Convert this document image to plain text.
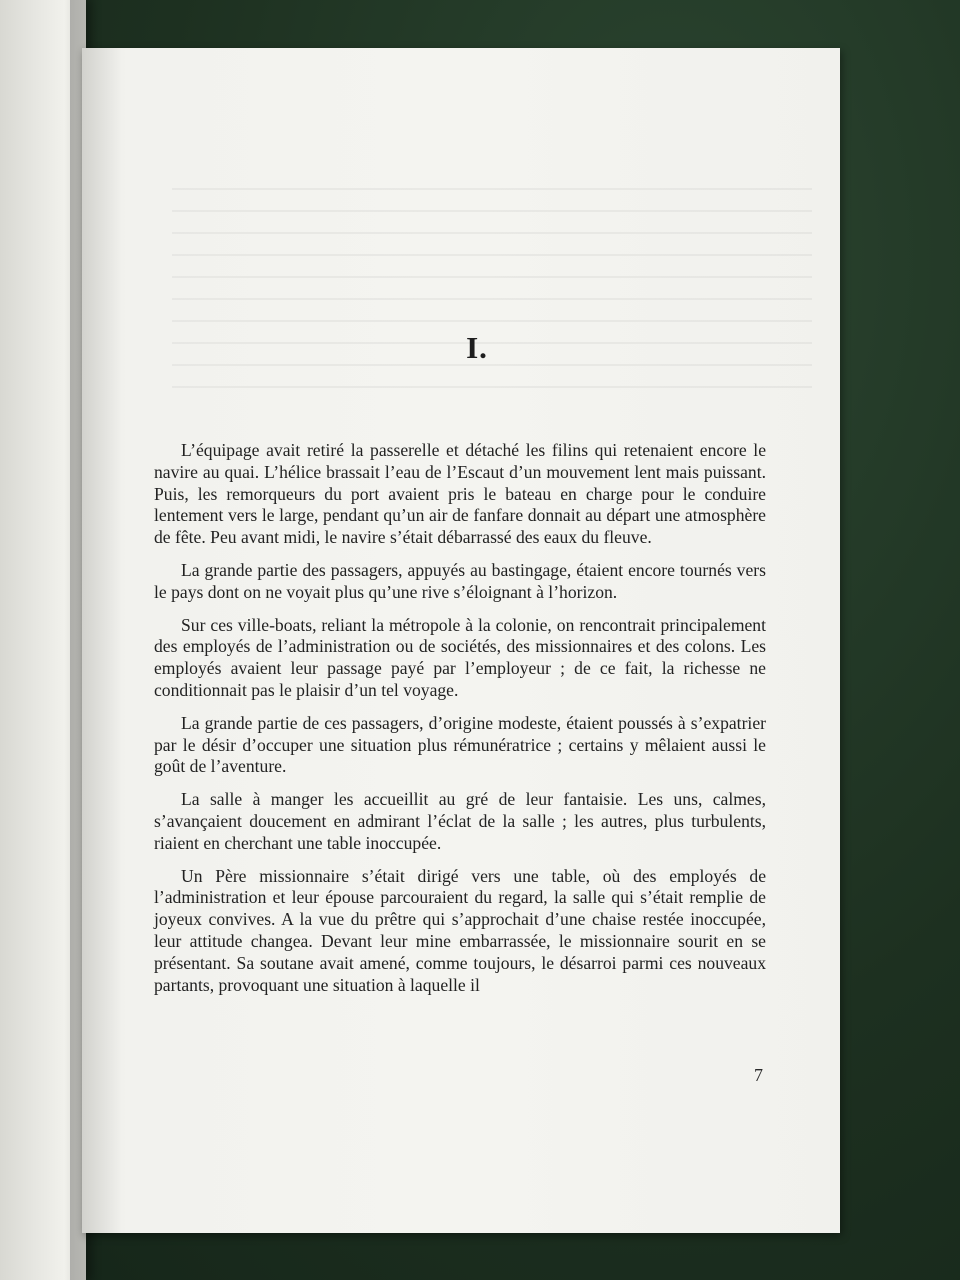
I.

L’équipage avait retiré la passerelle et détaché les filins qui retenaient encore le navire au quai. L’hélice brassait l’eau de l’Escaut d’un mouvement lent mais puissant. Puis, les remorqueurs du port avaient pris le bateau en charge pour le conduire lentement vers le large, pendant qu’un air de fanfare donnait au départ une atmosphère de fête. Peu avant midi, le navire s’était débarrassé des eaux du fleuve.

La grande partie des passagers, appuyés au bastingage, étaient encore tournés vers le pays dont on ne voyait plus qu’une rive s’éloignant à l’horizon.

Sur ces ville-boats, reliant la métropole à la colonie, on rencontrait principalement des employés de l’administration ou de sociétés, des missionnaires et des colons. Les employés avaient leur passage payé par l’employeur ; de ce fait, la richesse ne conditionnait pas le plaisir d’un tel voyage.

La grande partie de ces passagers, d’origine modeste, étaient poussés à s’expatrier par le désir d’occuper une situation plus rémunératrice ; certains y mêlaient aussi le goût de l’aventure.

La salle à manger les accueillit au gré de leur fantaisie. Les uns, calmes, s’avançaient doucement en admirant l’éclat de la salle ; les autres, plus turbulents, riaient en cherchant une table inoccupée.

Un Père missionnaire s’était dirigé vers une table, où des employés de l’administration et leur épouse parcouraient du regard, la salle qui s’était remplie de joyeux convives. A la vue du prêtre qui s’approchait d’une chaise restée inoccupée, leur attitude changea. Devant leur mine embarrassée, le missionnaire sourit en se présentant. Sa soutane avait amené, comme toujours, le désarroi parmi ces nouveaux partants, provoquant une situation à laquelle il

7
